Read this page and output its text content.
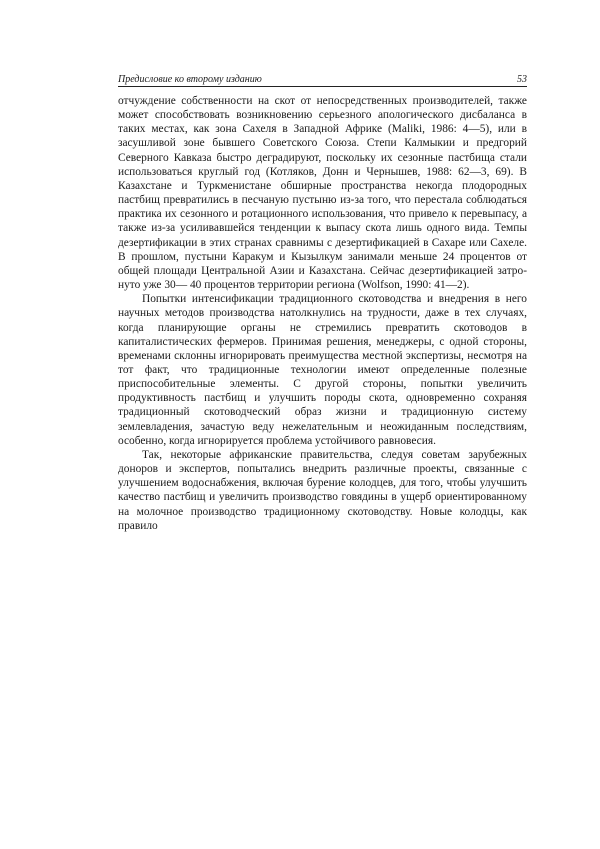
Предисловие ко второму изданию	53

отчуждение собственности на скот от непосредственных производителей, также может способствовать возникновению серьезного апологического дисбаланса в таких местах, как зона Сахеля в Западной Африке (Maliki, 1986: 4—5), или в засушливой зоне бывшего Советского Союза. Степи Калмыкии и предгорий Северного Кавказа быстро деградируют, поскольку их сезонные пастбища стали использоваться круглый год (Котляков, Донн и Чернышев, 1988: 62—3, 69). В Казахстане и Туркменистане обширные пространства некогда плодородных пастбищ превратились в песчаную пустыню из-за того, что перестала соблюдаться практика их сезонного и ротационного использования, что привело к перевыпасу, а также из-за усиливавшейся тенденции к выпасу скота лишь одного вида. Темпы дезертификации в этих странах сравнимы с дезертификацией в Сахаре или Сахеле. В прошлом, пустыни Каракум и Кызылкум занимали меньше 24 процентов от общей площади Центральной Азии и Казахстана. Сейчас дезертификацией затронуто уже 30— 40 процентов территории региона (Wolfson, 1990: 41—2).

Попытки интенсификации традиционного скотоводства и внедрения в него научных методов производства натолкнулись на трудности, даже в тех случаях, когда планирующие органы не стремились превратить скотоводов в капиталистических фермеров. Принимая решения, менеджеры, с одной стороны, временами склонны игнорировать преимущества местной экспертизы, несмотря на тот факт, что традиционные технологии имеют определенные полезные приспособительные элементы. С другой стороны, попытки увеличить продуктивность пастбищ и улучшить породы скота, одновременно сохраняя традиционный скотоводческий образ жизни и традиционную систему землевладения, зачастую веду нежелательным и неожиданным последствиям, особенно, когда игнорируется проблема устойчивого равновесия.

Так, некоторые африканские правительства, следуя советам зарубежных доноров и экспертов, попытались внедрить различные проекты, связанные с улучшением водоснабжения, включая бурение колодцев, для того, чтобы улучшить качество пастбищ и увеличить производство говядины в ущерб ориентированному на молочное производство традиционному скотоводству. Новые колодцы, как правило
